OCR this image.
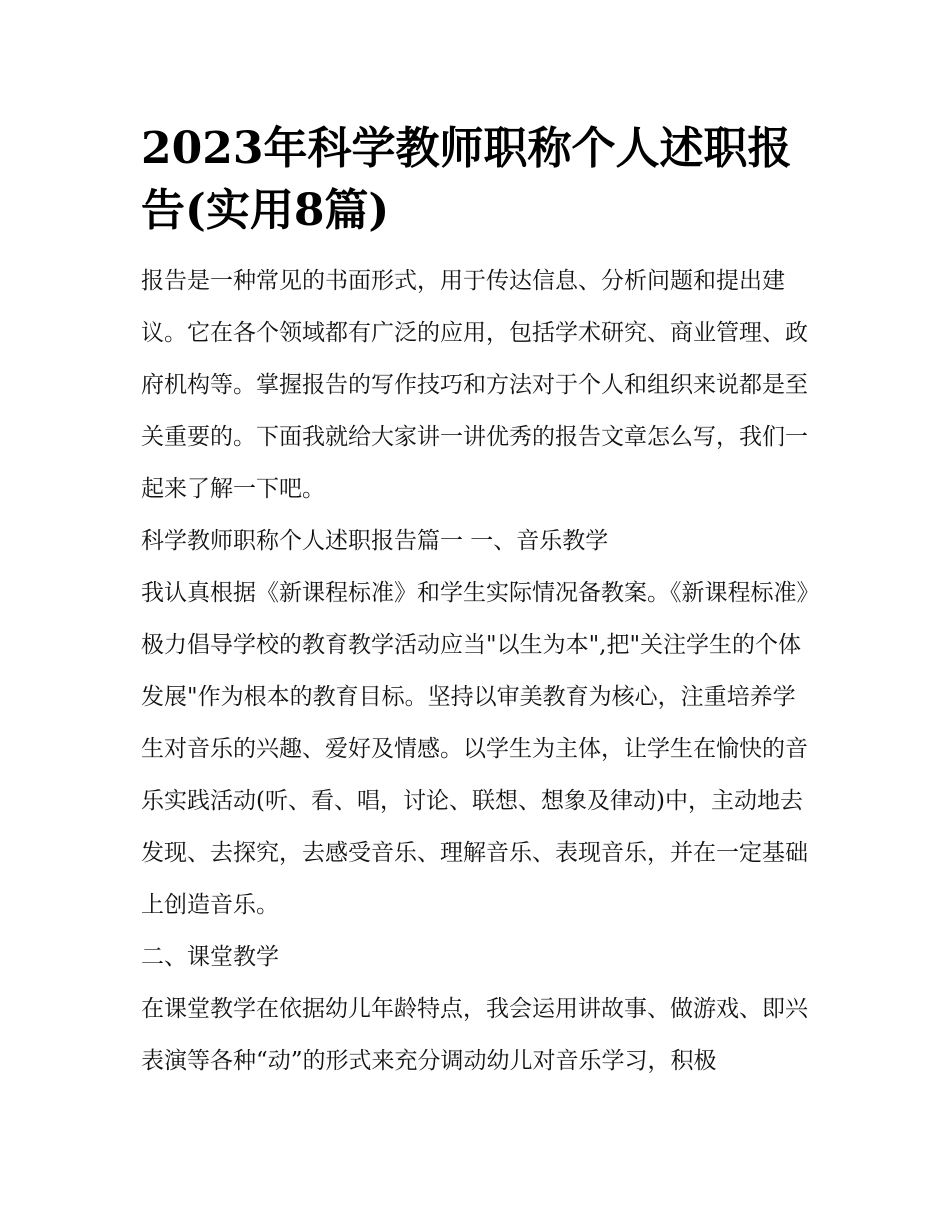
2023年科学教师职称个人述职报告(实用8篇)

报告是一种常见的书面形式，用于传达信息、分析问题和提出建议。它在各个领域都有广泛的应用，包括学术研究、商业管理、政府机构等。掌握报告的写作技巧和方法对于个人和组织来说都是至关重要的。下面我就给大家讲一讲优秀的报告文章怎么写，我们一起来了解一下吧。

科学教师职称个人述职报告篇一 一、音乐教学

我认真根据《新课程标准》和学生实际情况备教案。《新课程标准》极力倡导学校的教育教学活动应当"以生为本",把"关注学生的个体发展"作为根本的教育目标。坚持以审美教育为核心，注重培养学生对音乐的兴趣、爱好及情感。以学生为主体，让学生在愉快的音乐实践活动(听、看、唱，讨论、联想、想象及律动)中，主动地去发现、去探究，去感受音乐、理解音乐、表现音乐，并在一定基础上创造音乐。

二、课堂教学

在课堂教学在依据幼儿年龄特点，我会运用讲故事、做游戏、即兴表演等各种“动”的形式来充分调动幼儿对音乐学习，积极
